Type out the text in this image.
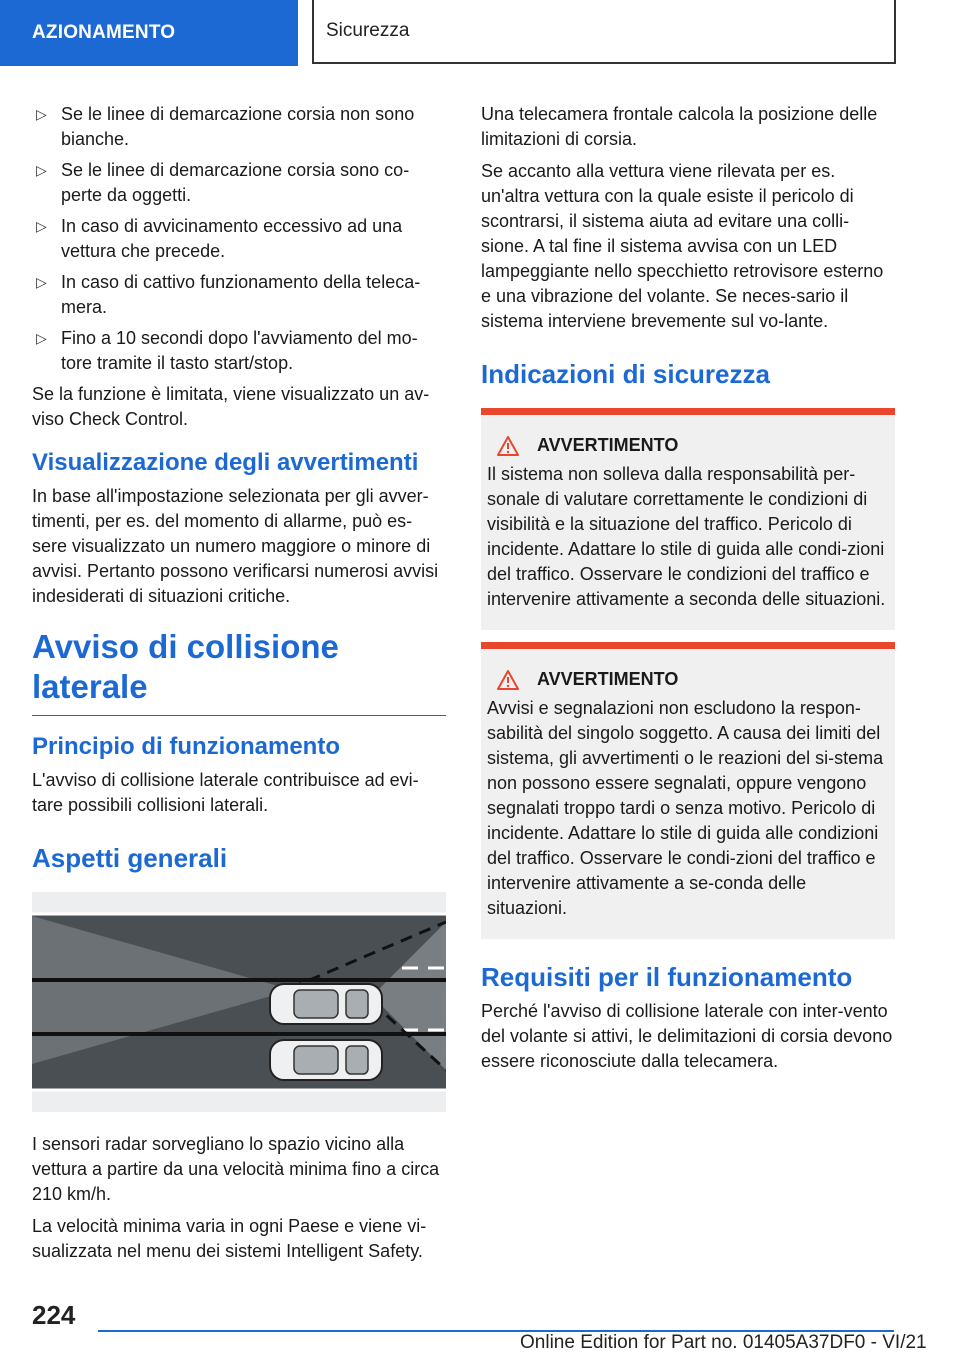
AZIONAMENTO	Sicurezza
▷ Se le linee di demarcazione corsia non sono bianche.
▷ Se le linee di demarcazione corsia sono co-perte da oggetti.
▷ In caso di avvicinamento eccessivo ad una vettura che precede.
▷ In caso di cattivo funzionamento della teleca-mera.
▷ Fino a 10 secondi dopo l'avviamento del mo-tore tramite il tasto start/stop.

Se la funzione è limitata, viene visualizzato un av-viso Check Control.

Visualizzazione degli avvertimenti

In base all'impostazione selezionata per gli avver-timenti, per es. del momento di allarme, può es-sere visualizzato un numero maggiore o minore di avvisi. Pertanto possono verificarsi numerosi avvisi indesiderati di situazioni critiche.

Avviso di collisione laterale
Principio di funzionamento

L'avviso di collisione laterale contribuisce ad evi-tare possibili collisioni laterali.

Aspetti generali

I sensori radar sorvegliano lo spazio vicino alla vettura a partire da una velocità minima fino a circa 210 km/h.

La velocità minima varia in ogni Paese e viene vi-sualizzata nel menu dei sistemi Intelligent Safety.

Una telecamera frontale calcola la posizione delle limitazioni di corsia.

Se accanto alla vettura viene rilevata per es. un'altra vettura con la quale esiste il pericolo di scontrarsi, il sistema aiuta ad evitare una colli-sione. A tal fine il sistema avvisa con un LED lampeggiante nello specchietto retrovisore esterno e una vibrazione del volante. Se neces-sario il sistema interviene brevemente sul vo-lante.

Indicazioni di sicurezza
AVVERTIMENTO
Il sistema non solleva dalla responsabilità per-sonale di valutare correttamente le condizioni di visibilità e la situazione del traffico. Pericolo di incidente. Adattare lo stile di guida alle condi-zioni del traffico. Osservare le condizioni del traffico e intervenire attivamente a seconda delle situazioni.
AVVERTIMENTO
Avvisi e segnalazioni non escludono la respon-sabilità del singolo soggetto. A causa dei limiti del sistema, gli avvertimenti o le reazioni del si-stema non possono essere segnalati, oppure vengono segnalati troppo tardi o senza motivo. Pericolo di incidente. Adattare lo stile di guida alle condizioni del traffico. Osservare le condi-zioni del traffico e intervenire attivamente a se-conda delle situazioni.
Requisiti per il funzionamento

Perché l'avviso di collisione laterale con inter-vento del volante si attivi, le delimitazioni di corsia devono essere riconosciute dalla telecamera.

224
Online Edition for Part no. 01405A37DF0 - VI/21
